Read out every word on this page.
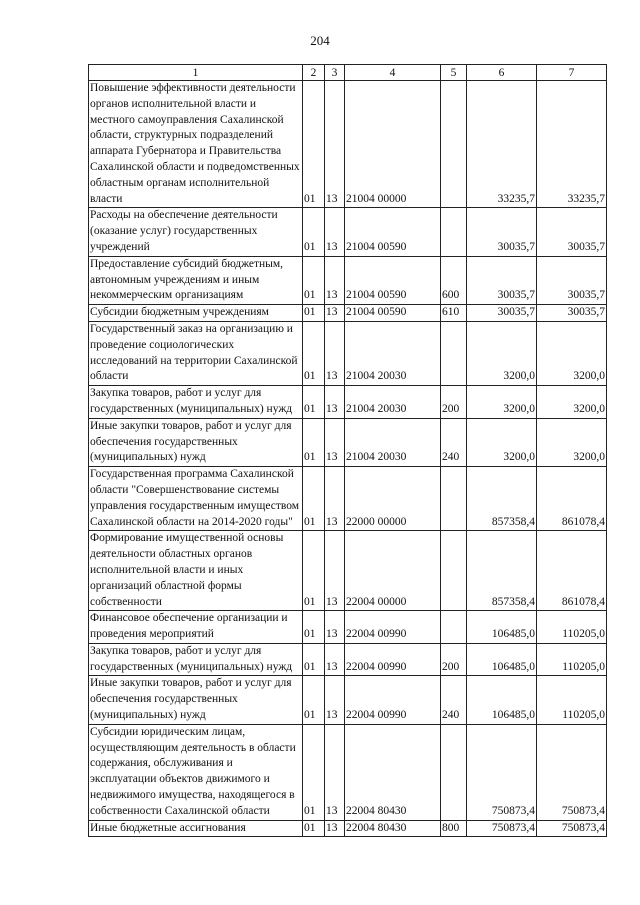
204
1	2	3	4	5	6	7
Повышение эффективности деятельности органов исполнительной власти и местного самоуправления Сахалинской области, структурных подразделений аппарата Губернатора и Правительства Сахалинской области и подведомственных областным органам исполнительной власти	01	13	21004 00000		33235,7	33235,7
Расходы на обеспечение деятельности (оказание услуг) государственных учреждений	01	13	21004 00590		30035,7	30035,7
Предоставление субсидий бюджетным, автономным учреждениям и иным некоммерческим организациям	01	13	21004 00590	600	30035,7	30035,7
Субсидии бюджетным учреждениям	01	13	21004 00590	610	30035,7	30035,7
Государственный заказ на организацию и проведение социологических исследований на территории Сахалинской области	01	13	21004 20030		3200,0	3200,0
Закупка товаров, работ и услуг для государственных (муниципальных) нужд	01	13	21004 20030	200	3200,0	3200,0
Иные закупки товаров, работ и услуг для обеспечения государственных (муниципальных) нужд	01	13	21004 20030	240	3200,0	3200,0
Государственная программа Сахалинской области "Совершенствование системы управления государственным имуществом Сахалинской области на 2014-2020 годы"	01	13	22000 00000		857358,4	861078,4
Формирование имущественной основы деятельности областных органов исполнительной власти и иных организаций областной формы собственности	01	13	22004 00000		857358,4	861078,4
Финансовое обеспечение организации и проведения мероприятий	01	13	22004 00990		106485,0	110205,0
Закупка товаров, работ и услуг для государственных (муниципальных) нужд	01	13	22004 00990	200	106485,0	110205,0
Иные закупки товаров, работ и услуг для обеспечения государственных (муниципальных) нужд	01	13	22004 00990	240	106485,0	110205,0
Субсидии юридическим лицам, осуществляющим деятельность в области содержания, обслуживания и эксплуатации объектов движимого и недвижимого имущества, находящегося в собственности Сахалинской области	01	13	22004 80430		750873,4	750873,4
Иные бюджетные ассигнования	01	13	22004 80430	800	750873,4	750873,4
